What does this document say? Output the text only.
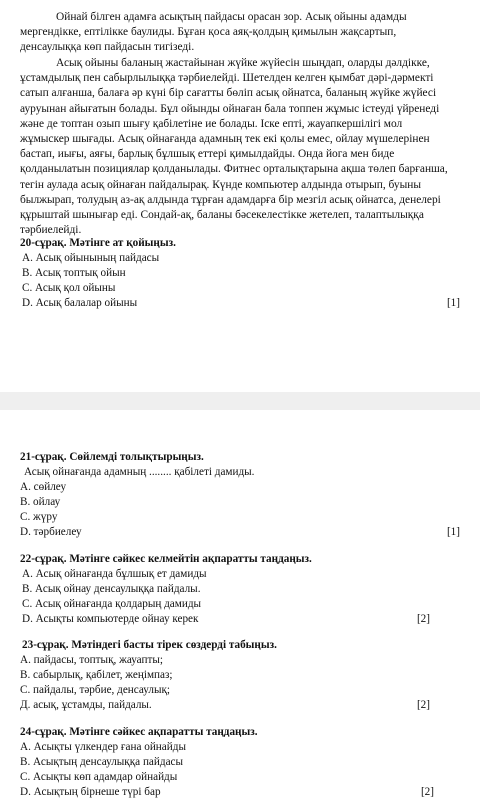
Ойнай білген адамға асықтың пайдасы орасан зор. Асық ойыны адамды
мергендікке, ептілікке баулиды. Бұған қоса аяқ-қолдың қимылын жақсартып,
денсаулыққа көп пайдасын тигізеді.
Асық ойыны баланың жастайынан жүйке жүйесін шыңдап, оларды дәлдікке,
ұстамдылық пен сабырлылыққа тәрбиелейді. Шетелден келген қымбат дәрі-дәрмекті
сатып алғанша, балаға әр күні бір сағатты бөліп асық ойнатса, баланың жүйке жүйесі
ауруынан айығатын болады. Бұл ойынды ойнаған бала топпен жұмыс істеуді үйренеді
және де топтан озып шығу қабілетіне ие болады. Іске епті, жауапкершілігі мол
жұмыскер шығады. Асық ойнағанда адамның тек екі қолы емес, ойлау мүшелерінен
бастап, иығы, аяғы, барлық бұлшық еттері қимылдайды. Онда йога мен биде
қолданылатын позициялар қолданылады. Фитнес орталықтарына ақша төлеп барғанша,
тегін аулада асық ойнаған пайдалырақ. Күнде компьютер алдында отырып, буыны
былжырап, толудың аз-ақ алдында тұрған адамдарға бір мезгіл асық ойнатса, денелері
құрыштай шынығар еді. Сондай-ақ, баланы бәсекелестікке жетелеп, талаптылыққа
тәрбиелейді.
20-сұрақ. Мәтінге ат қойыңыз.
A. Асық ойынының пайдасы
B. Асық топтық ойын
C. Асық қол ойыны
D. Асық балалар ойыны	[1]
21-сұрақ. Сөйлемді толықтырыңыз.
Асық ойнағанда адамның ........ қабілеті дамиды.
A. сөйлеу
B. ойлау
C. жүру
D. тәрбиелеу	[1]
22-сұрақ. Мәтінге сәйкес келмейтін ақпаратты таңдаңыз.
A. Асық ойнағанда бұлшық ет дамиды
B. Асық ойнау денсаулыққа пайдалы.
C. Асық ойнағанда қолдарың дамиды
D. Асықты компьютерде ойнау керек	[2]
23-сұрақ. Мәтіндегі басты тірек сөздерді табыңыз.
A. пайдасы, топтық, жауапты;
B. сабырлық, қабілет, жеңімпаз;
C. пайдалы, тәрбие, денсаулық;
Д. асық, ұстамды, пайдалы.	[2]
24-сұрақ. Мәтінге сәйкес ақпаратты таңдаңыз.
A. Асықты үлкендер ғана ойнайды
B. Асықтың денсаулыққа пайдасы
C. Асықты көп адамдар ойнайды
D. Асықтың бірнеше түрі бар	[2]
